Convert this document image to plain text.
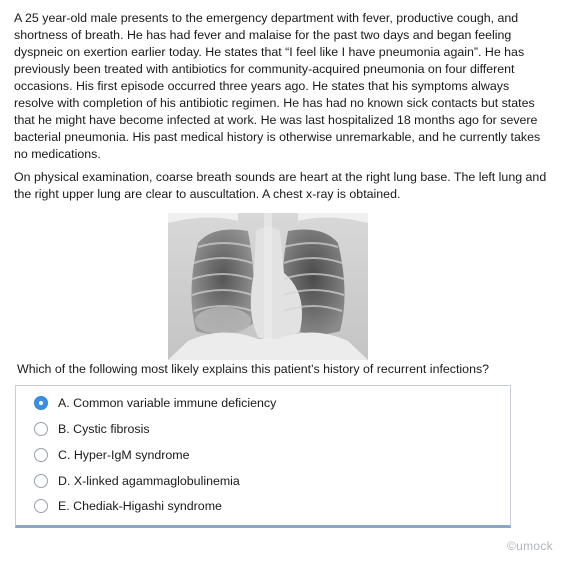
A 25 year-old male presents to the emergency department with fever, productive cough, and shortness of breath. He has had fever and malaise for the past two days and began feeling dyspneic on exertion earlier today. He states that “I feel like I have pneumonia again”. He has previously been treated with antibiotics for community-acquired pneumonia on four different occasions. His first episode occurred three years ago. He states that his symptoms always resolve with completion of his antibiotic regimen. He has had no known sick contacts but states that he might have become infected at work. He was last hospitalized 18 months ago for severe bacterial pneumonia. His past medical history is otherwise unremarkable, and he currently takes no medications.

On physical examination, coarse breath sounds are heart at the right lung base. The left lung and the right upper lung are clear to auscultation. A chest x-ray is obtained.

Which of the following most likely explains this patient's history of recurrent infections?
A. Common variable immune deficiency
B. Cystic fibrosis
C. Hyper-IgM syndrome
D. X-linked agammaglobulinemia
E. Chediak-Higashi syndrome
©umock
